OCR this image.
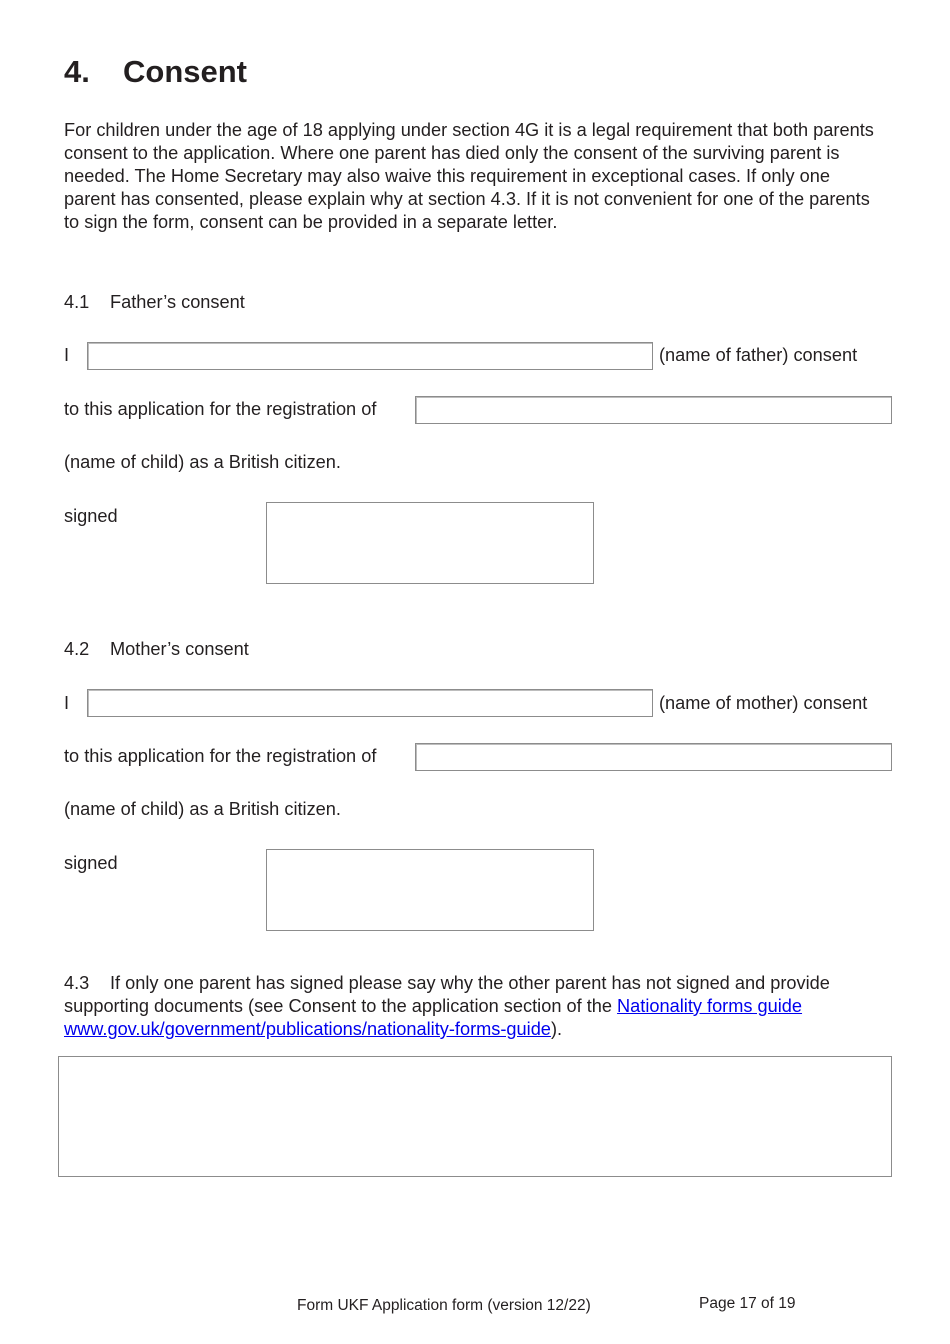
4. Consent
For children under the age of 18 applying under section 4G it is a legal requirement that both parents consent to the application. Where one parent has died only the consent of the surviving parent is needed. The Home Secretary may also waive this requirement in exceptional cases. If only one parent has consented, please explain why at section 4.3. If it is not convenient for one of the parents to sign the form, consent can be provided in a separate letter.
4.1 Father’s consent
I	(name of father) consent
to this application for the registration of
(name of child) as a British citizen.
signed
4.2 Mother’s consent
I	(name of mother) consent
to this application for the registration of
(name of child) as a British citizen.
signed
4.3 If only one parent has signed please say why the other parent has not signed and provide supporting documents (see Consent to the application section of the Nationality forms guide www.gov.uk/government/publications/nationality-forms-guide).
Form UKF Application form (version 12/22)	Page 17 of 19
